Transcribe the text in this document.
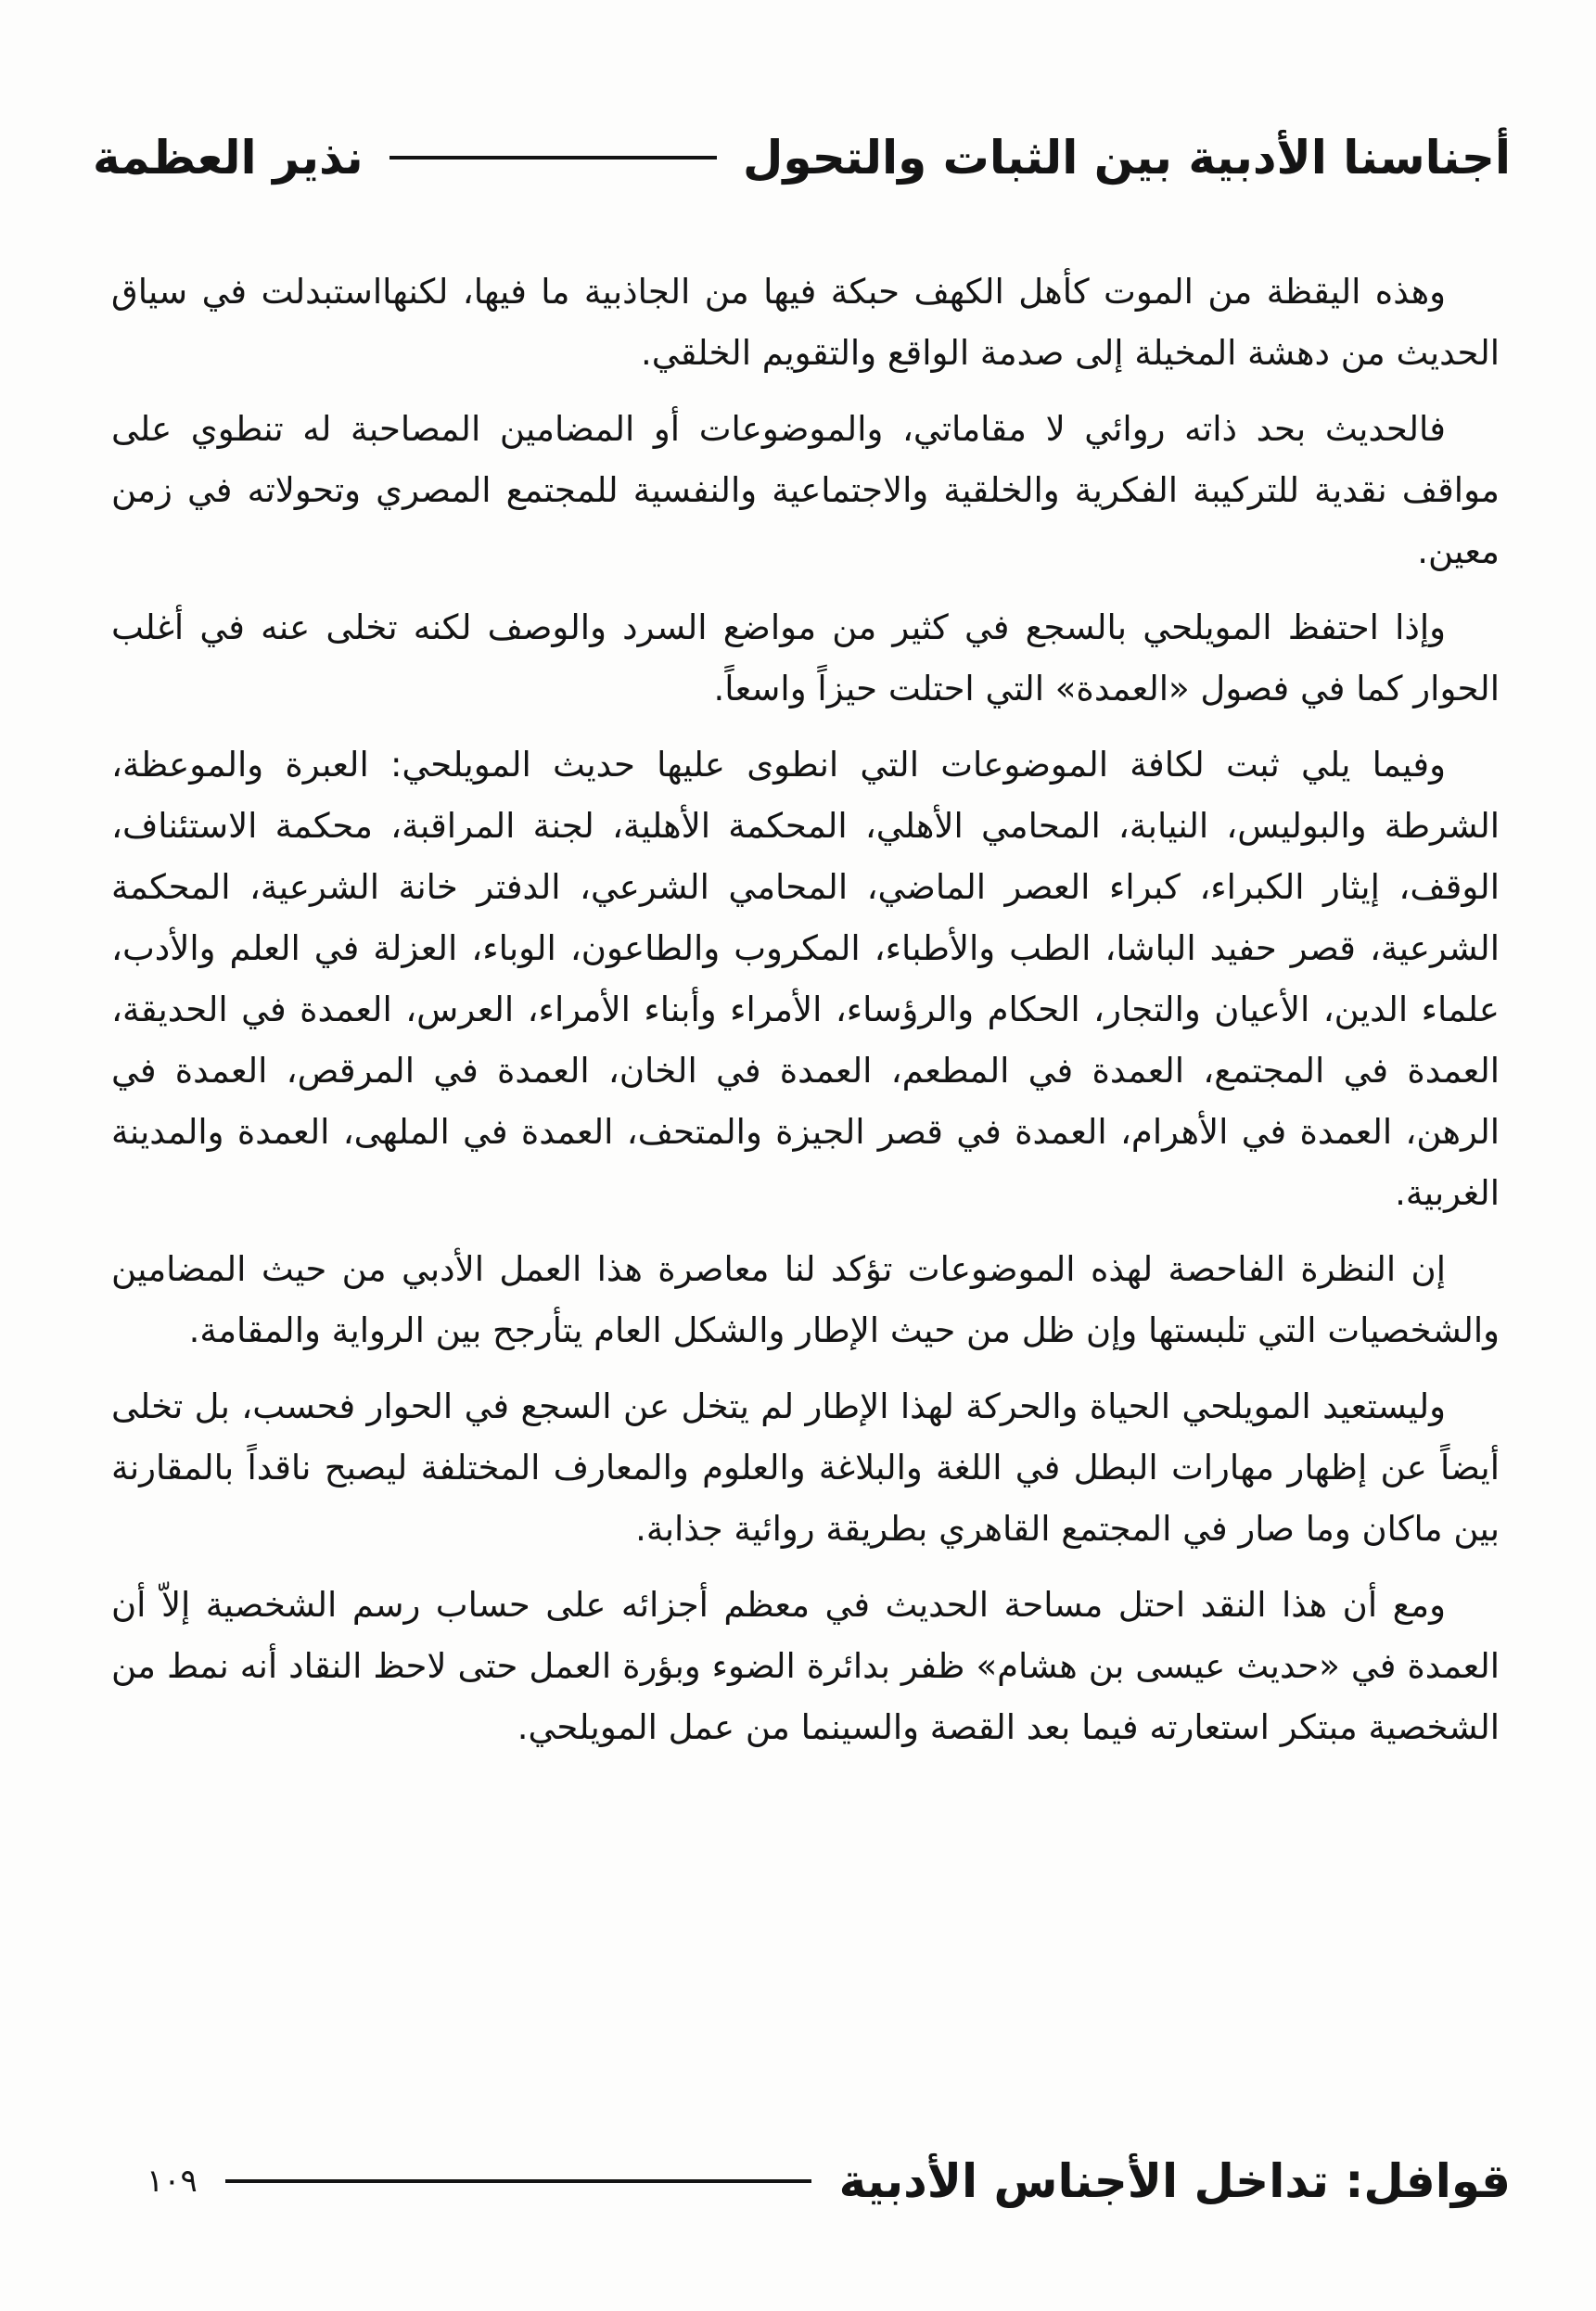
أجناسنا الأدبية بين الثبات والتحول
نذير العظمة

وهذه اليقظة من الموت كأهل الكهف حبكة فيها من الجاذبية ما فيها، لكنهااستبدلت في سياق الحديث من دهشة المخيلة إلى صدمة الواقع والتقويم الخلقي.

فالحديث بحد ذاته روائي لا مقاماتي، والموضوعات أو المضامين المصاحبة له تنطوي على مواقف نقدية للتركيبة الفكرية والخلقية والاجتماعية والنفسية للمجتمع المصري وتحولاته في زمن معين.

وإذا احتفظ المويلحي بالسجع في كثير من مواضع السرد والوصف لكنه تخلى عنه في أغلب الحوار كما في فصول «العمدة» التي احتلت حيزاً واسعاً.

وفيما يلي ثبت لكافة الموضوعات التي انطوى عليها حديث المويلحي: العبرة والموعظة، الشرطة والبوليس، النيابة، المحامي الأهلي، المحكمة الأهلية، لجنة المراقبة، محكمة الاستئناف، الوقف، إيثار الكبراء، كبراء العصر الماضي، المحامي الشرعي، الدفتر خانة الشرعية، المحكمة الشرعية، قصر حفيد الباشا، الطب والأطباء، المكروب والطاعون، الوباء، العزلة في العلم والأدب، علماء الدين، الأعيان والتجار، الحكام والرؤساء، الأمراء وأبناء الأمراء، العرس، العمدة في الحديقة، العمدة في المجتمع، العمدة في المطعم، العمدة في الخان، العمدة في المرقص، العمدة في الرهن، العمدة في الأهرام، العمدة في قصر الجيزة والمتحف، العمدة في الملهى، العمدة والمدينة الغربية.

إن النظرة الفاحصة لهذه الموضوعات تؤكد لنا معاصرة هذا العمل الأدبي من حيث المضامين والشخصيات التي تلبستها وإن ظل من حيث الإطار والشكل العام يتأرجح بين الرواية والمقامة.

وليستعيد المويلحي الحياة والحركة لهذا الإطار لم يتخل عن السجع في الحوار فحسب، بل تخلى أيضاً عن إظهار مهارات البطل في اللغة والبلاغة والعلوم والمعارف المختلفة ليصبح ناقداً بالمقارنة بين ماكان وما صار في المجتمع القاهري بطريقة روائية جذابة.

ومع أن هذا النقد احتل مساحة الحديث في معظم أجزائه على حساب رسم الشخصية إلاّ أن العمدة في «حديث عيسى بن هشام» ظفر بدائرة الضوء وبؤرة العمل حتى لاحظ النقاد أنه نمط من الشخصية مبتكر استعارته فيما بعد القصة والسينما من عمل المويلحي.

قوافل: تداخل الأجناس الأدبية
١٠٩
